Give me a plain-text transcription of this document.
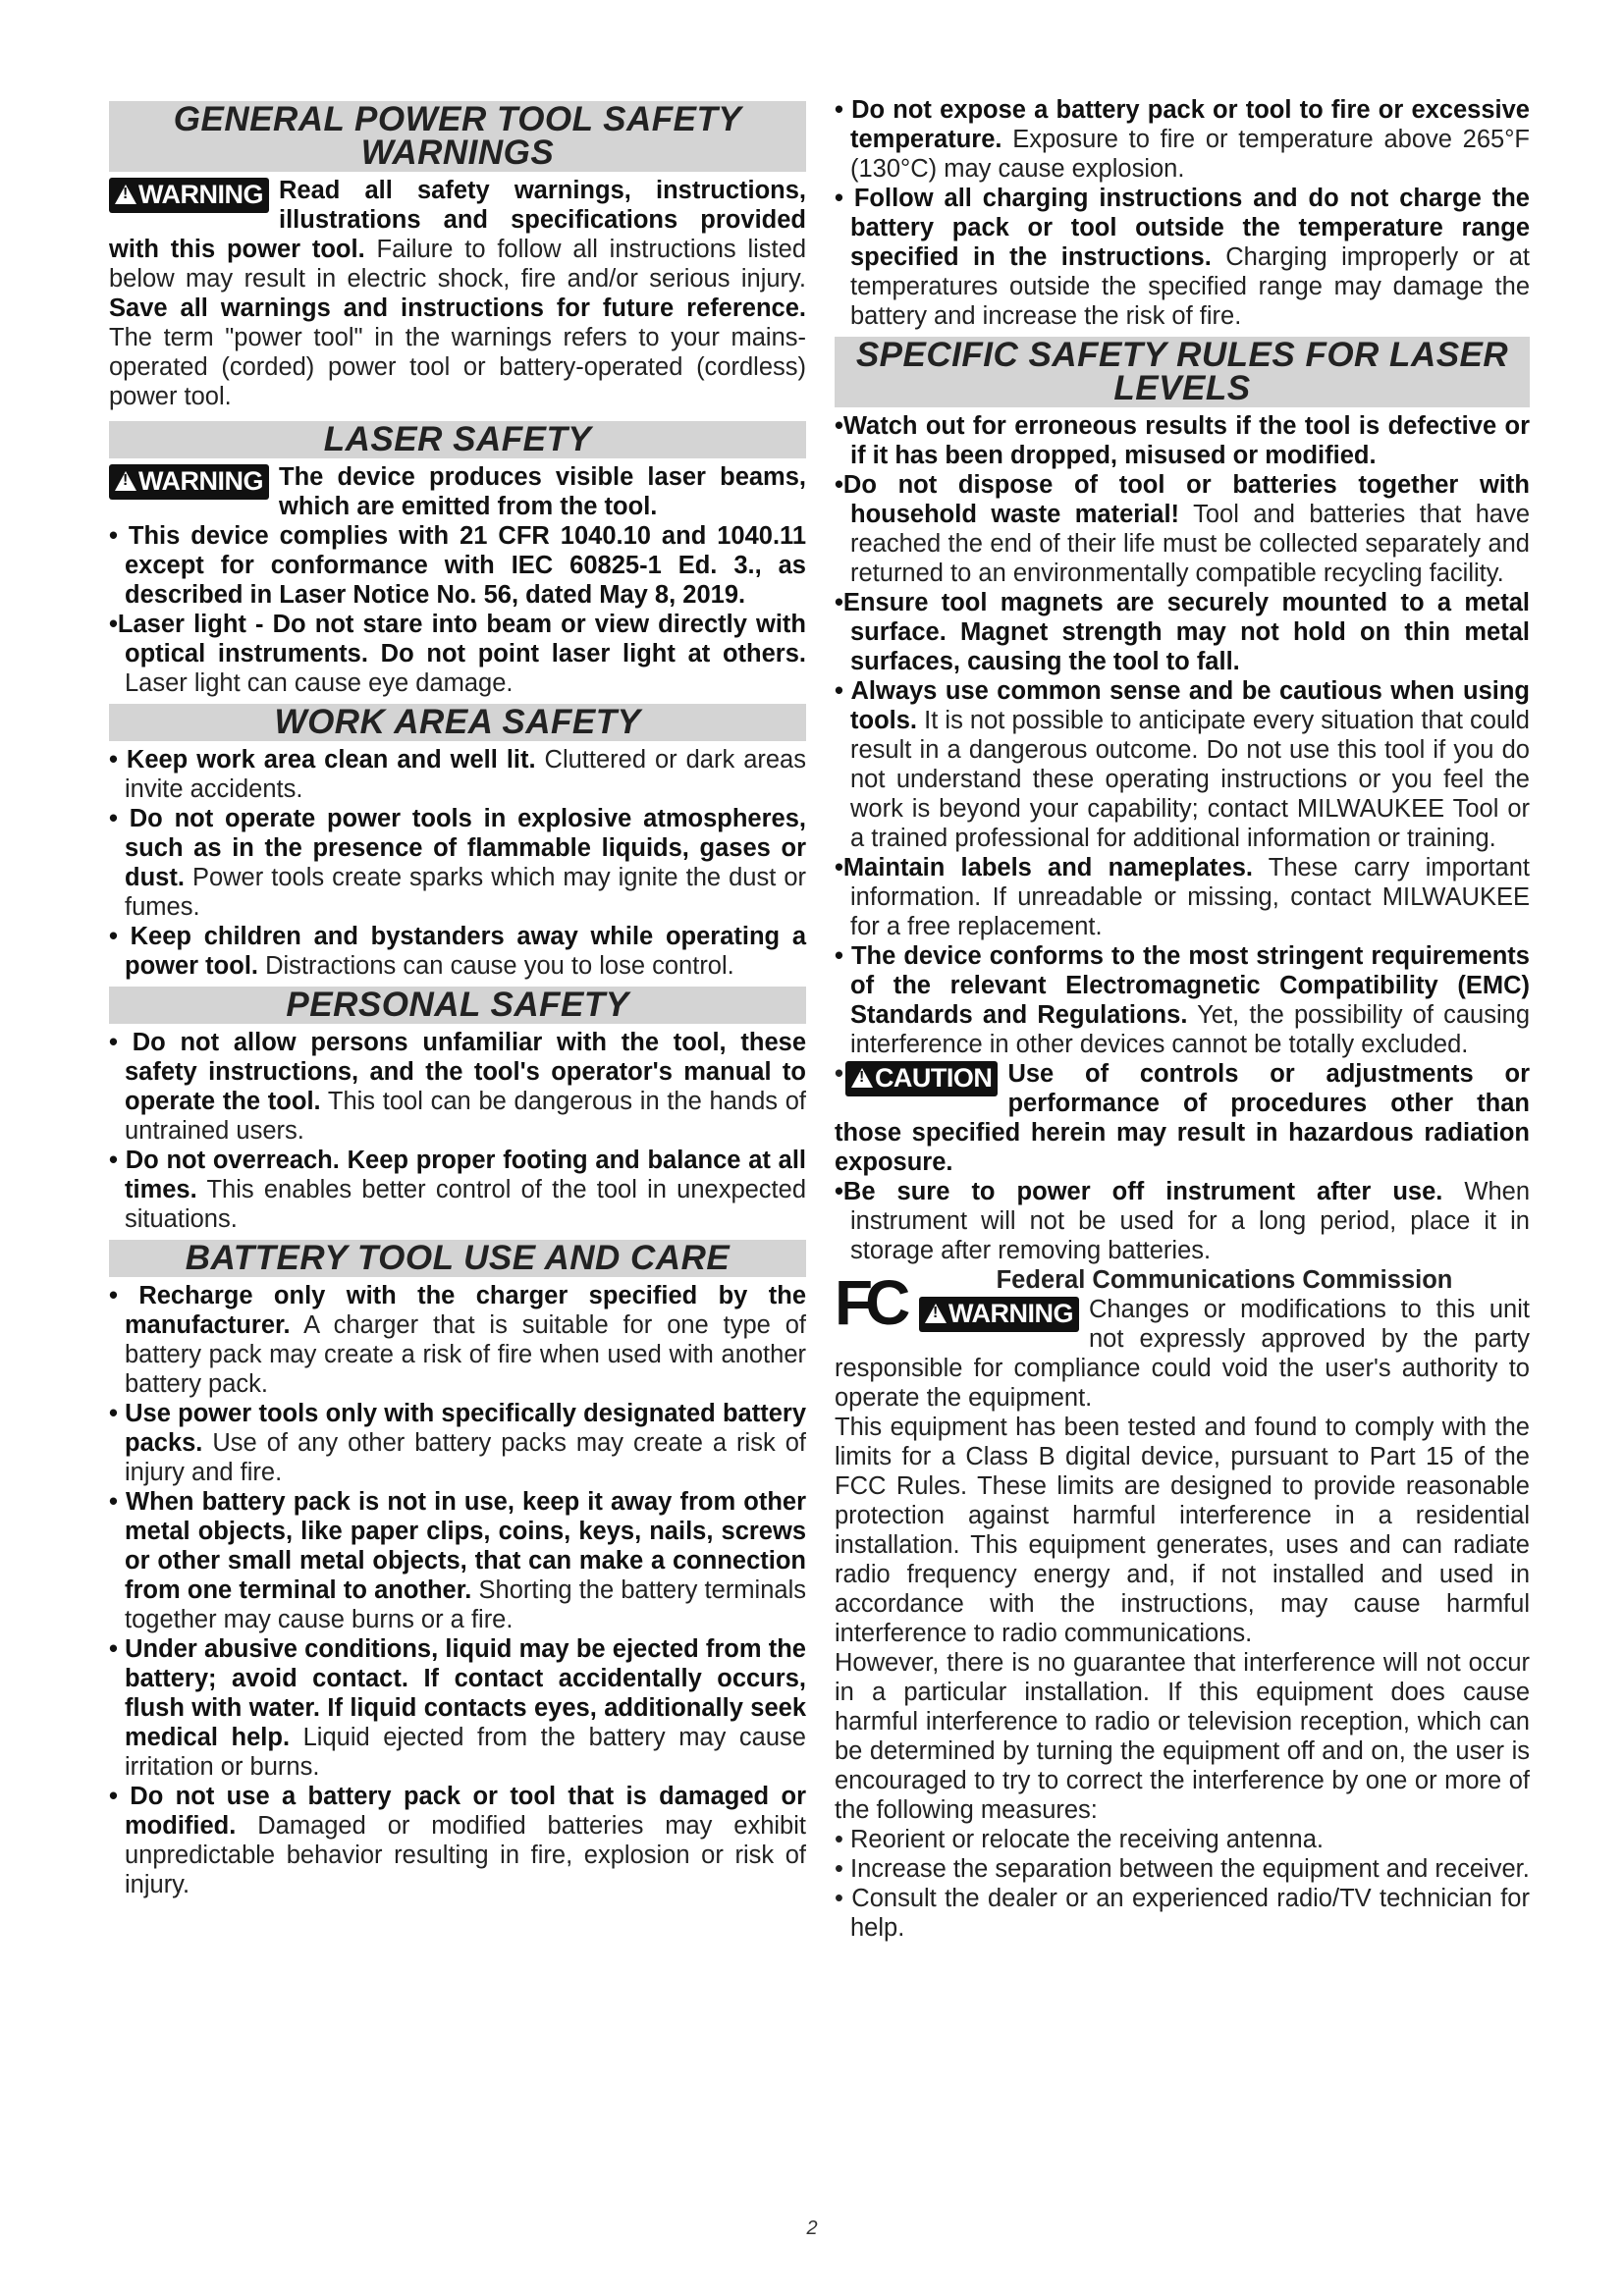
GENERAL POWER TOOL SAFETY WARNINGS

!WARNING Read all safety warnings, instructions, illustrations and specifications provided with this power tool. Failure to follow all instructions listed below may result in electric shock, fire and/or serious injury. Save all warnings and instructions for future reference. The term "power tool" in the warnings refers to your mains-operated (corded) power tool or battery-operated (cordless) power tool.

LASER SAFETY

!WARNING The device produces visible laser beams, which are emitted from the tool.

• This device complies with 21 CFR 1040.10 and 1040.11 except for conformance with IEC 60825-1 Ed. 3., as described in Laser Notice No. 56, dated May 8, 2019.

•Laser light - Do not stare into beam or view directly with optical instruments. Do not point laser light at others. Laser light can cause eye damage.

WORK AREA SAFETY

• Keep work area clean and well lit. Cluttered or dark areas invite accidents.

• Do not operate power tools in explosive atmospheres, such as in the presence of flammable liquids, gases or dust. Power tools create sparks which may ignite the dust or fumes.

• Keep children and bystanders away while operating a power tool. Distractions can cause you to lose control.

PERSONAL SAFETY

• Do not allow persons unfamiliar with the tool, these safety instructions, and the tool's operator's manual to operate the tool. This tool can be dangerous in the hands of untrained users.

• Do not overreach. Keep proper footing and balance at all times. This enables better control of the tool in unexpected situations.

BATTERY TOOL USE AND CARE

• Recharge only with the charger specified by the manufacturer. A charger that is suitable for one type of battery pack may create a risk of fire when used with another battery pack.

• Use power tools only with specifically designated battery packs. Use of any other battery packs may create a risk of injury and fire.

• When battery pack is not in use, keep it away from other metal objects, like paper clips, coins, keys, nails, screws or other small metal objects, that can make a connection from one terminal to another. Shorting the battery terminals together may cause burns or a fire.

• Under abusive conditions, liquid may be ejected from the battery; avoid contact. If contact accidentally occurs, flush with water. If liquid contacts eyes, additionally seek medical help. Liquid ejected from the battery may cause irritation or burns.

• Do not use a battery pack or tool that is damaged or modified. Damaged or modified batteries may exhibit unpredictable behavior resulting in fire, explosion or risk of injury.

• Do not expose a battery pack or tool to fire or excessive temperature. Exposure to fire or temperature above 265°F (130°C) may cause explosion.

• Follow all charging instructions and do not charge the battery pack or tool outside the temperature range specified in the instructions. Charging improperly or at temperatures outside the specified range may damage the battery and increase the risk of fire.

SPECIFIC SAFETY RULES FOR LASER LEVELS

•Watch out for erroneous results if the tool is defective or if it has been dropped, misused or modified.

•Do not dispose of tool or batteries together with household waste material! Tool and batteries that have reached the end of their life must be collected separately and returned to an environmentally compatible recycling facility.

•Ensure tool magnets are securely mounted to a metal surface. Magnet strength may not hold on thin metal surfaces, causing the tool to fall.

• Always use common sense and be cautious when using tools. It is not possible to anticipate every situation that could result in a dangerous outcome. Do not use this tool if you do not understand these operating instructions or you feel the work is beyond your capability; contact MILWAUKEE Tool or a trained professional for additional information or training.

•Maintain labels and nameplates. These carry important information. If unreadable or missing, contact MILWAUKEE for a free replacement.

• The device conforms to the most stringent requirements of the relevant Electromagnetic Compatibility (EMC) Standards and Regulations. Yet, the possibility of causing interference in other devices cannot be totally excluded.

•
!	CAUTION Use of controls or adjustments or performance of procedures other than those specified herein may result in hazardous radiation exposure.

•Be sure to power off instrument after use. When instrument will not be used for a long period, place it in storage after removing batteries.

FC	Federal Communications Commission

!WARNING Changes or modifications to this unit not expressly approved by the party responsible for compliance could void the user's authority to operate the equipment.

This equipment has been tested and found to comply with the limits for a Class B digital device, pursuant to Part 15 of the FCC Rules. These limits are designed to provide reasonable protection against harmful interference in a residential installation. This equipment generates, uses and can radiate radio frequency energy and, if not installed and used in accordance with the instructions, may cause harmful interference to radio communications.

However, there is no guarantee that interference will not occur in a particular installation. If this equipment does cause harmful interference to radio or television reception, which can be determined by turning the equipment off and on, the user is encouraged to try to correct the interference by one or more of the following measures:

• Reorient or relocate the receiving antenna.

• Increase the separation between the equipment and receiver.

• Consult the dealer or an experienced radio/TV technician for help.

2
